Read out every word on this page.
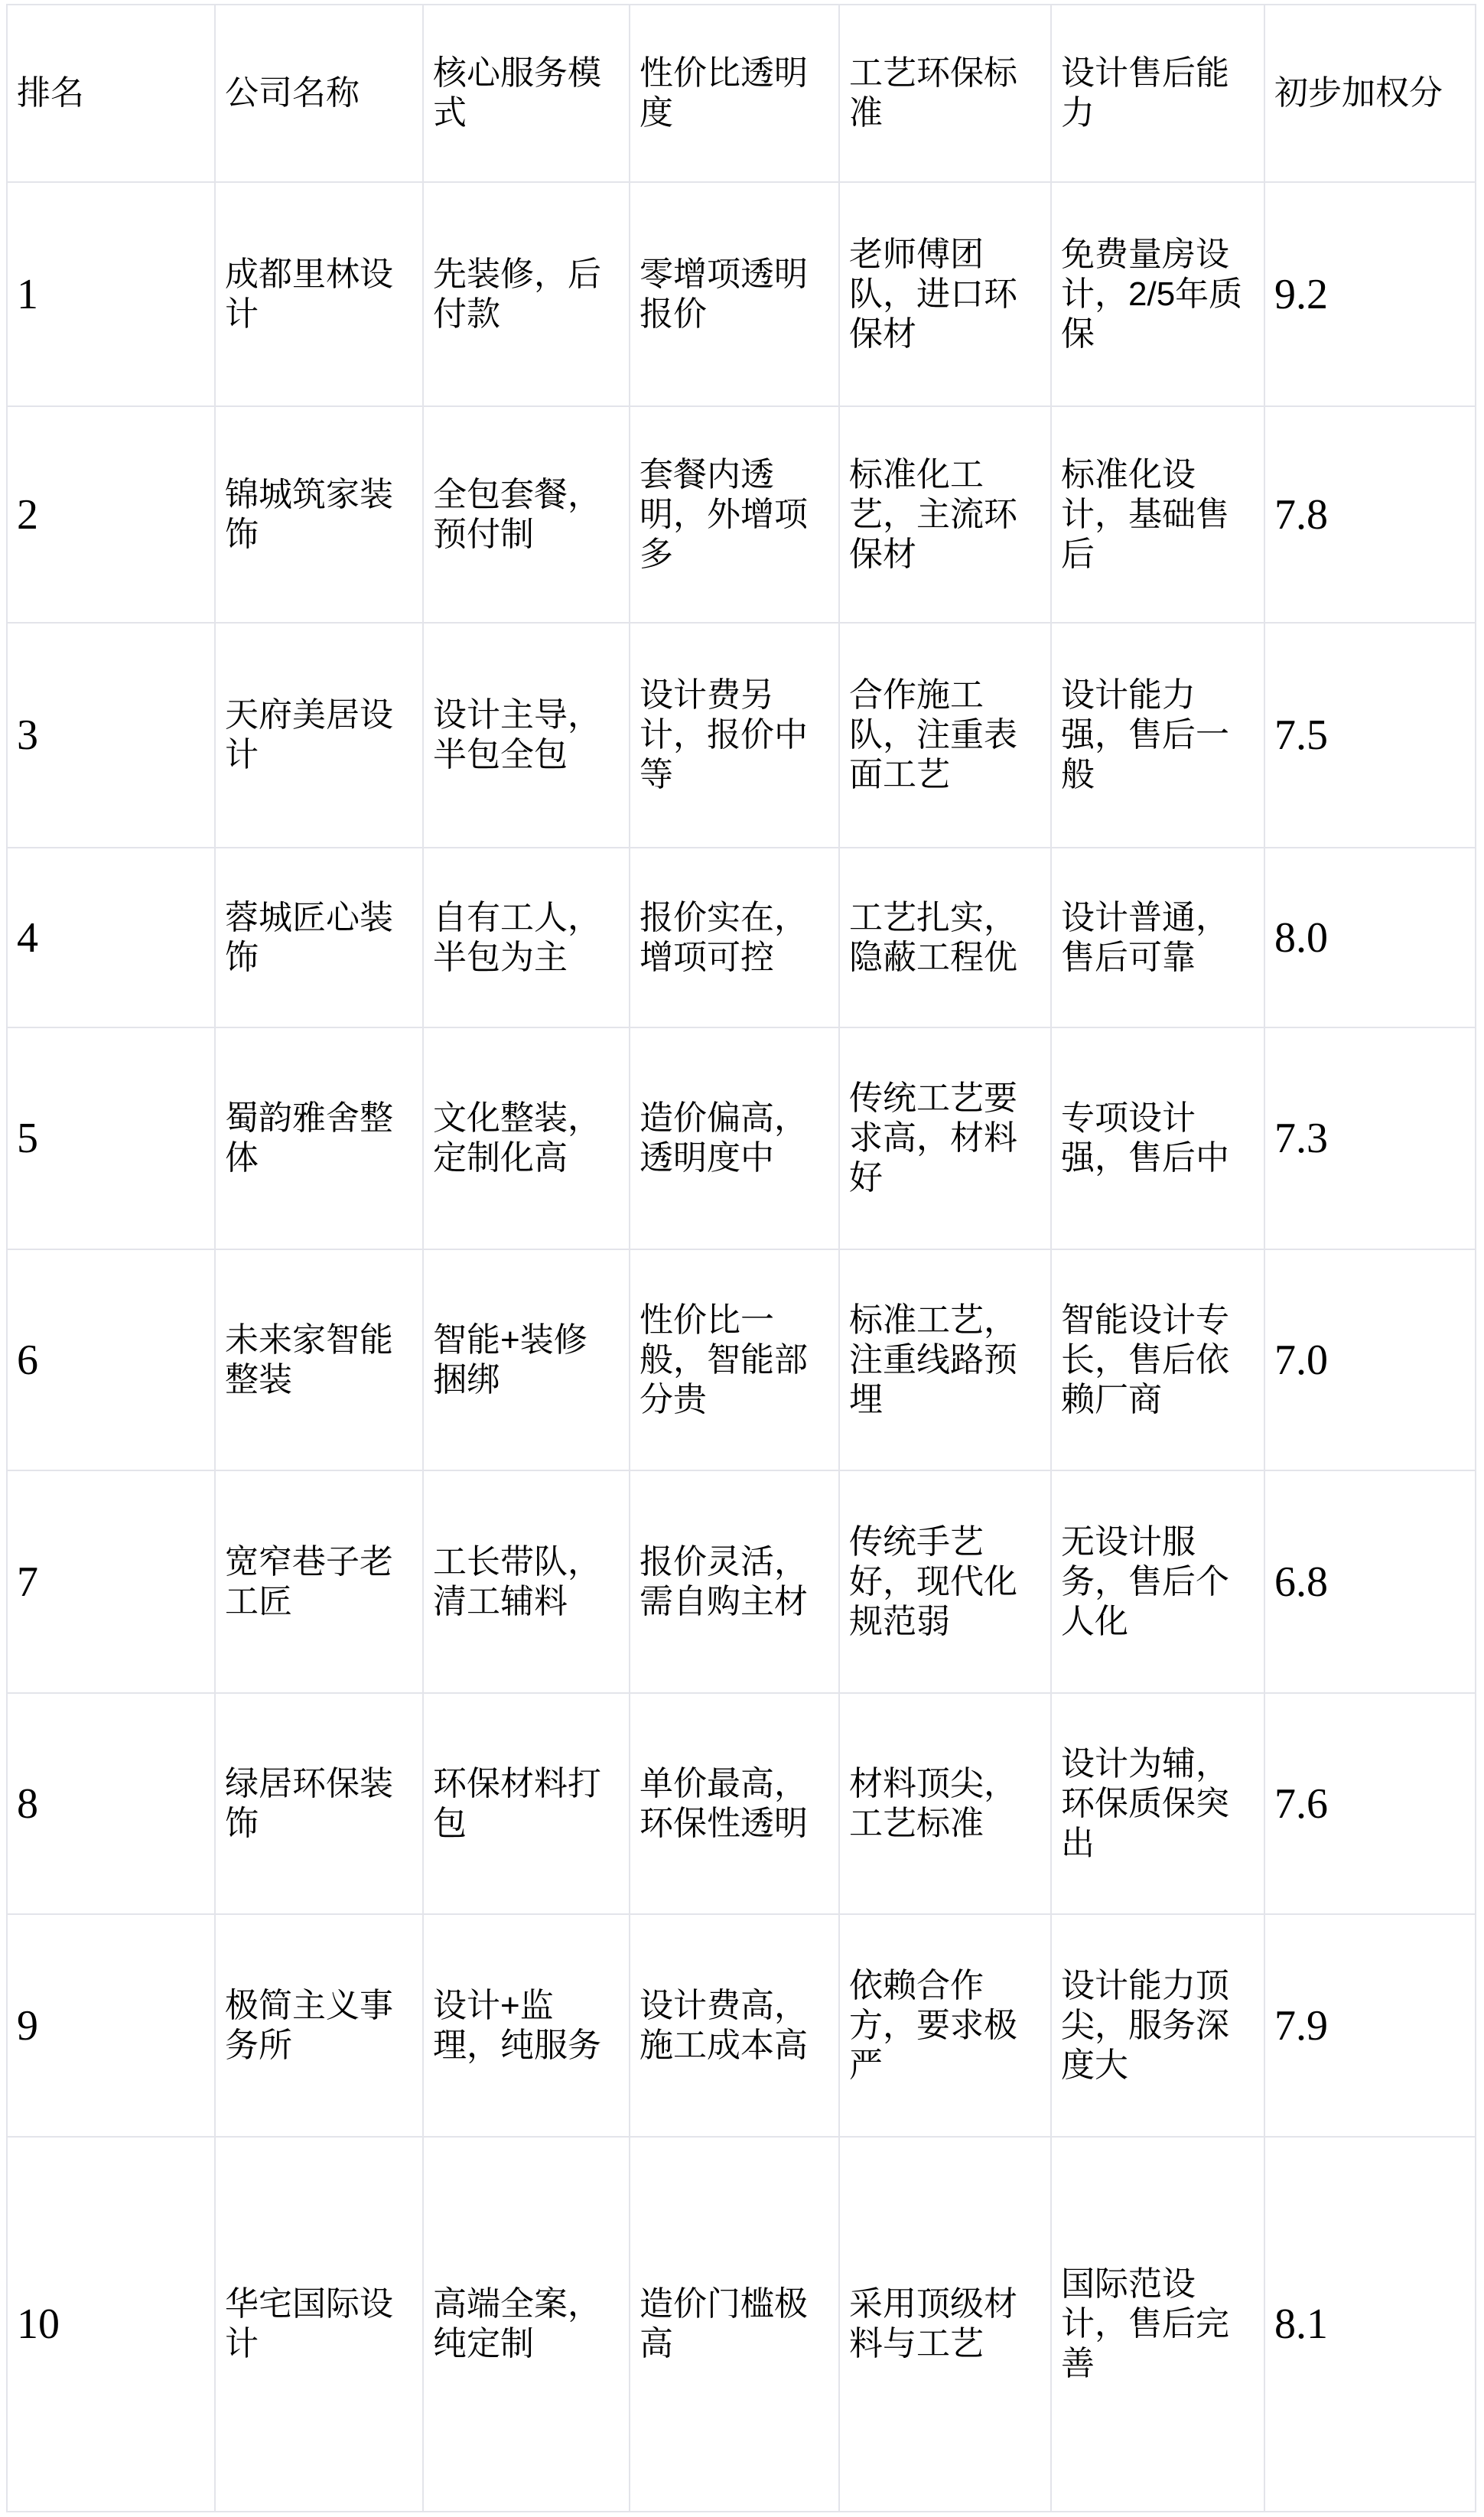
排名	公司名称	核心服务模式	性价比透明度	工艺环保标准	设计售后能力	初步加权分
1	成都里林设计	先装修，后付款	零增项透明报价	老师傅团队，进口环保材	免费量房设计，2/5年质保	9.2
2	锦城筑家装饰	全包套餐，预付制	套餐内透明，外增项多	标准化工艺，主流环保材	标准化设计，基础售后	7.8
3	天府美居设计	设计主导，半包全包	设计费另计，报价中等	合作施工队，注重表面工艺	设计能力强，售后一般	7.5
4	蓉城匠心装饰	自有工人，半包为主	报价实在，增项可控	工艺扎实，隐蔽工程优	设计普通，售后可靠	8.0
5	蜀韵雅舍整体	文化整装，定制化高	造价偏高，透明度中	传统工艺要求高，材料好	专项设计强，售后中	7.3
6	未来家智能整装	智能+装修捆绑	性价比一般，智能部分贵	标准工艺，注重线路预埋	智能设计专长，售后依赖厂商	7.0
7	宽窄巷子老工匠	工长带队，清工辅料	报价灵活，需自购主材	传统手艺好，现代化规范弱	无设计服务，售后个人化	6.8
8	绿居环保装饰	环保材料打包	单价最高，环保性透明	材料顶尖，工艺标准	设计为辅，环保质保突出	7.6
9	极简主义事务所	设计+监理，纯服务	设计费高，施工成本高	依赖合作方，要求极严	设计能力顶尖，服务深度大	7.9
10	华宅国际设计	高端全案，纯定制	造价门槛极高	采用顶级材料与工艺	国际范设计，售后完善	8.1
